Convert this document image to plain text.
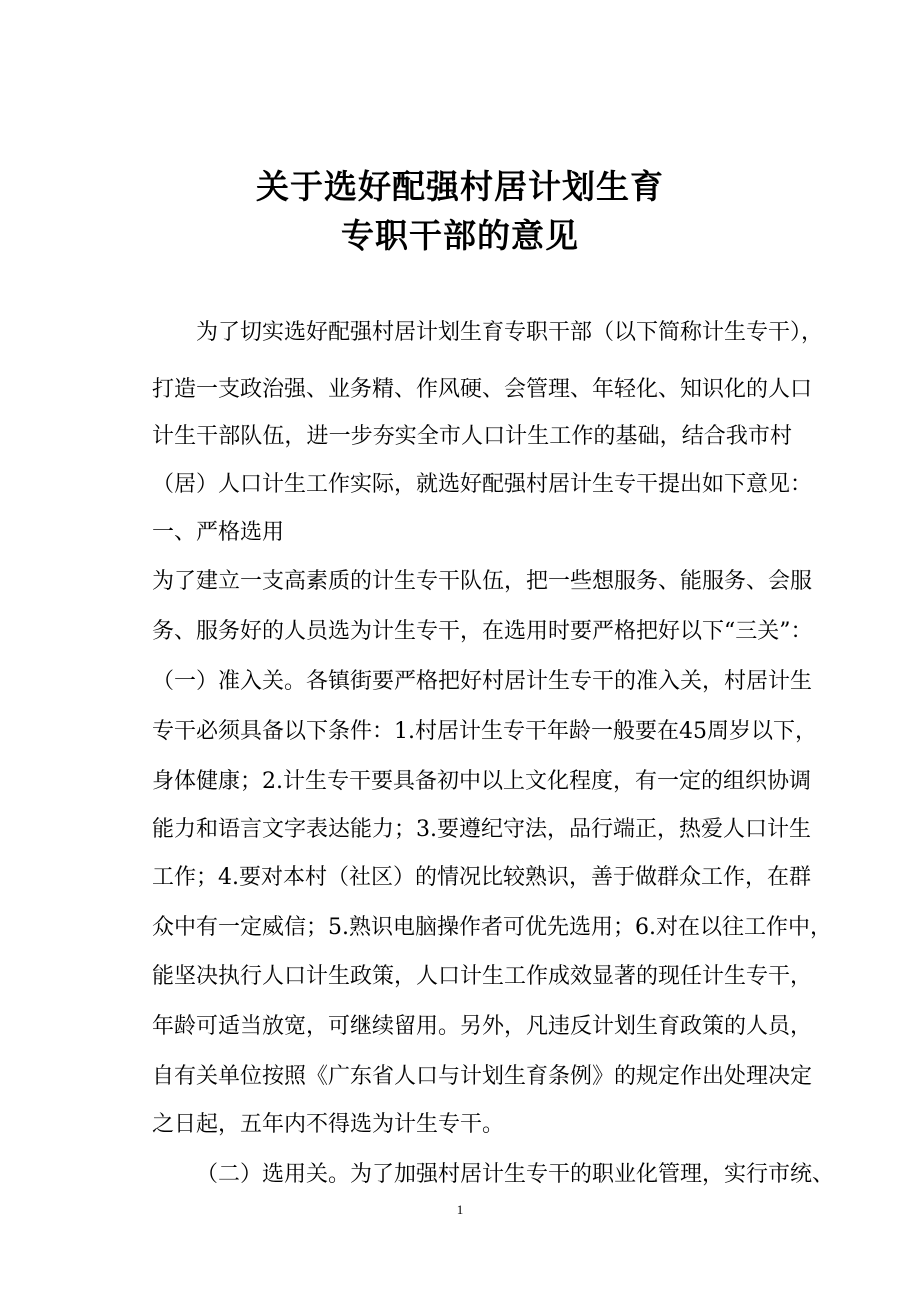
关于选好配强村居计划生育
专职干部的意见
为了切实选好配强村居计划生育专职干部（以下简称计生专干），
打造一支政治强、业务精、作风硬、会管理、年轻化、知识化的人口
计生干部队伍，进一步夯实全市人口计生工作的基础，结合我市村
（居）人口计生工作实际，就选好配强村居计生专干提出如下意见：
一、严格选用
为了建立一支高素质的计生专干队伍，把一些想服务、能服务、会服
务、服务好的人员选为计生专干，在选用时要严格把好以下“三关”：
（一）准入关。各镇街要严格把好村居计生专干的准入关，村居计生
专干必须具备以下条件：1.村居计生专干年龄一般要在45周岁以下，
身体健康；2.计生专干要具备初中以上文化程度，有一定的组织协调
能力和语言文字表达能力；3.要遵纪守法，品行端正，热爱人口计生
工作；4.要对本村（社区）的情况比较熟识，善于做群众工作，在群
众中有一定威信；5.熟识电脑操作者可优先选用；6.对在以往工作中，
能坚决执行人口计生政策，人口计生工作成效显著的现任计生专干，
年龄可适当放宽，可继续留用。另外，凡违反计划生育政策的人员，
自有关单位按照《广东省人口与计划生育条例》的规定作出处理决定
之日起，五年内不得选为计生专干。
（二）选用关。为了加强村居计生专干的职业化管理，实行市统、
1
